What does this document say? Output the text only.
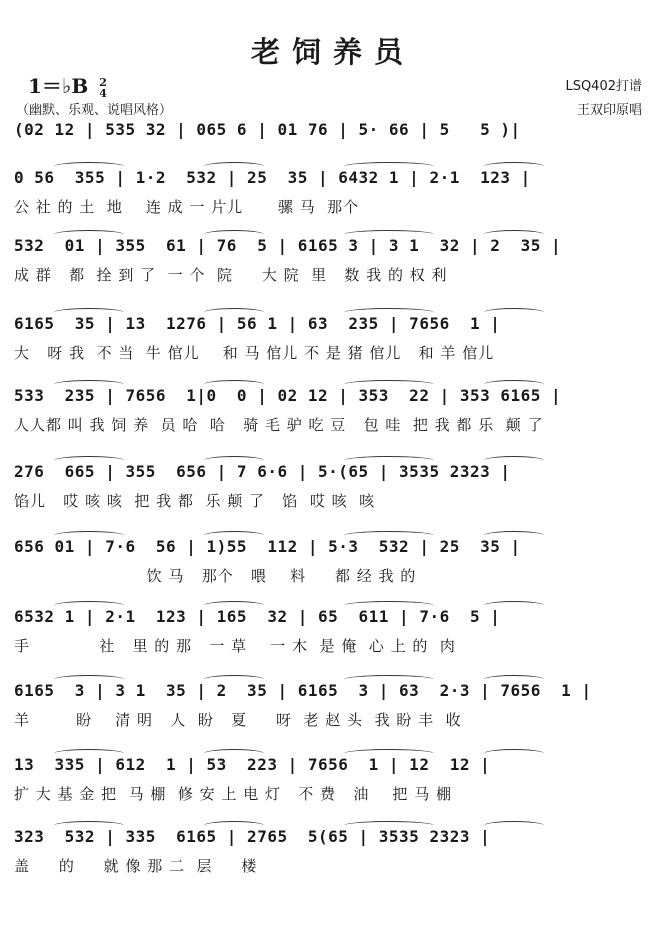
老饲养员
1＝♭B 2
4
（幽默、乐观、说唱风格）
LSQ402打谱
王双印原唱
(02 12 | 535 32 | 065 6 | 01 76 | 5· 66 | 5   5 )|
0 56  355 | 1·2  532 | 25  35 | 6432 1 | 2·1  123 |
公 社 的 土  地    连 成 一 片儿      骡 马  那个
532  01 | 355  61 | 76  5 | 6165 3 | 3 1  32 | 2  35 |
成 群   都  拴 到 了  一 个  院     大 院  里   数 我 的 权 利
6165  35 | 13  1276 | 56 1 | 63  235 | 7656  1 |
大   呀 我  不 当  牛 倌儿    和 马 倌儿 不 是 猪 倌儿   和 羊 倌儿
533  235 | 7656  1|0  0 | 02 12 | 353  22 | 353 6165 |
人人都 叫 我 饲 养  员 哈  哈   骑 毛 驴 吃 豆   包 哇  把 我 都 乐  颠 了
276  665 | 355  656 | 7 6·6 | 5·(65 | 3535 2323 |
馅儿   哎 咳 咳  把 我 都  乐 颠 了   馅  哎 咳  咳
656 01 | 7·6  56 | 1)55  112 | 5·3  532 | 25  35 |
饮 马   那个   喂    料     都 经 我 的
6532 1 | 2·1  123 | 165  32 | 65  611 | 7·6  5 |
手            社   里 的 那   一 草    一 木  是 俺  心 上 的  肉
6165  3 | 3 1  35 | 2  35 | 6165  3 | 63  2·3 | 7656  1 |
羊        盼    清 明   人  盼   夏     呀  老 赵 头  我 盼 丰  收
13  335 | 612  1 | 53  223 | 7656  1 | 12  12 |
扩 大 基 金 把  马 棚  修 安 上 电 灯   不 费   油    把 马 棚
323  532 | 335  6165 | 2765  5(65 | 3535 2323 |
盖     的     就 像 那 二  层     楼
